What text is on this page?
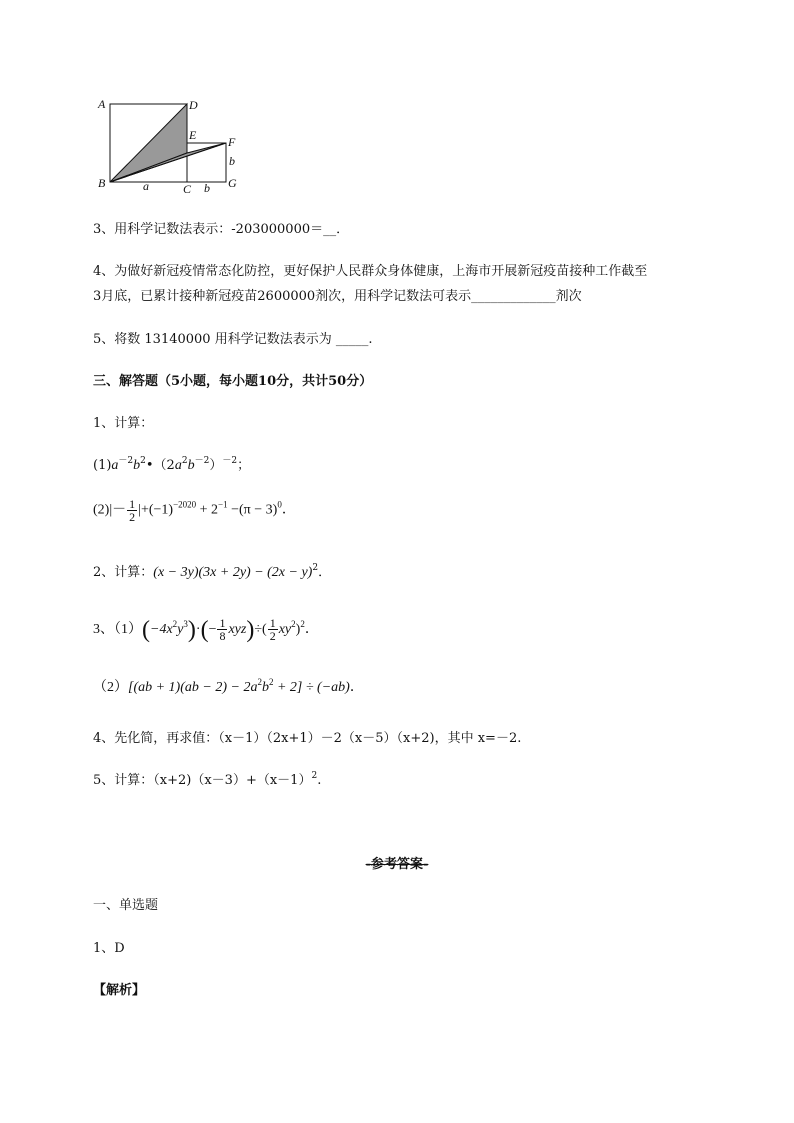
A	D
E	F
B	C	G
a
b
b
3、用科学记数法表示：-203000000＝__．
4、为做好新冠疫情常态化防控，更好保护人民群众身体健康，上海市开展新冠疫苗接种工作截至
3月底，已累计接种新冠疫苗2600000剂次，用科学记数法可表示_____________剂次
5、将数 13140000 用科学记数法表示为 _____.
三、解答题（5小题，每小题10分，共计50分）
1、计算：
$(1)a^{-2}b^2•(2a^2b^{-2})^{-2}$；
$(2)|- \frac{1}{2} |+(-1)^{-2020} + 2^{-1} -(\pi - 3)^0$．
2、计算：$(x - 3y)(3x + 2y) - (2x - y)^2$．
3、$(1)(-4x^2y^3)\cdot(- \frac{1}{8} xyz)\div( \frac{1}{2} xy^2)^2$．
$(2)[(ab + 1)(ab - 2) - 2a^2b^2 + 2] \div (-ab)$．
4、先化简，再求值：（x－1）（2x+1）－2（x－5）（x+2)，其中 x=－2.
5、计算：$(x+2)(x-3)+(x-1)^2$.
-参考答案-
一、单选题
1、D
【解析】
